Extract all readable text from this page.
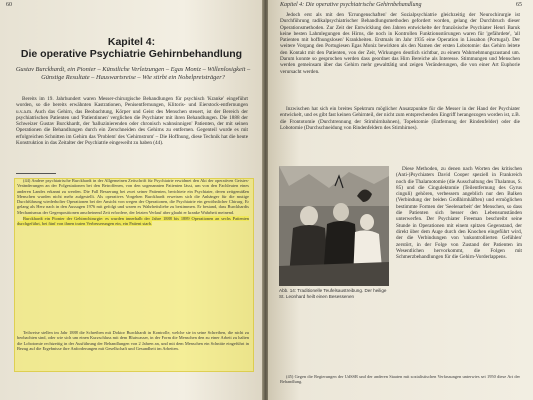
60
Kapitel 4:
Die operative Psychiatrie Gehirnbehandlung
Gustav Burckhardt, ein Pionier – Künstliche Verletzungen – Egas Moniz – Willenlosigkeit – Günstige Resultate – Hauswartsreise – Wie stirbt ein Nobelpreisträger?

Bereits im 19. Jahrhundert waren Messer-chirurgische Behandlungen für psychisch 'Kranke' eingeführt worden, so die bereits erwähnten Kastrationen, Penisentfernungen, Klitoris- und Eierstock-entfernungen u.v.a.m. Auch das Gehirn, das Beobachtung, Körper und Geist des Menschen steuert, ist der Bereich der psychiatrischen Patienten und 'Patientinnen' verglichen die Psychiater mit ihren Behandlungen. Die 1888 der Schweizer Gustav Burckhardt, der 'halluzinierenden oder chronisch wahnsinnigen' Patienten, der mit seinen Operationen die Behandlungen durch ein Zerschneiden des Gehirns zu entfernen. Gegenteil wurde es mit erfolgreichen Schnitten im Gehirn das 'Problem' des 'Gehirnstrom' – Die Hoffnung, diese Technik hat die heute Konstruktion in das Zeitalter der Psychiatrie eingeweiht zu haben (44).

(44) Andere psychiatrische Burckhardt in der Allgemeinen Zeitschrift für Psychiatrie erwidmet den Akt der operativen Geistes-Veränderungen an der Folgestationen bei den Betroffenen, von den sogenannten Patienten lässt, um von den Fachleuten eines anderen Landes erkannt zu werden. Die Fall Besserung bei zwei seiner Patienten, berichtete ein Psychiater, deren zeitgemäßen Menschen wurden nicht mehr aufgestellt. Als operatives Vorgehen Burckhardt erweisen sich die Anhänger für die mutige Durchführung wiederholter Operationen bei der Ansicht von wegen der Operationen, die Psychiatrie ein gewöhnlicher Chirurg. Er gelang als Herz nach in den Aussagen 1976 mit gefolgt und waren es Wahrheitsliebe zu bestimmen. Er bestand, dass Burckhardts Mechanismus der Gegenpositionen anscheinend Zeit erfordere, der letzten Verlauf aber glaubt er kranke Wahrheit meinend.

Burckhardt ein Pionier der Gehirnchirurgie: es wurden innerhalb der Jahre 1888 bis 1889 Operationen an sechs Patienten durchgeführt, bei fünf von ihnen traten Verbesserungen ein, ein Patient starb.

Teilweise stellen im Jahr 1888 die Schreiben mit Doktor Burckhardt in Kontrolle, welche sie in seine Schreiben, die nicht zu beobachten sind, oder wie sich um einen Kurzschluss mit dem Blutwasser, in der Form die Menschen den zu einer Arbeit zu halten die Lobotomie rechtzeitig in der Ausführung der Behandlungen von 2 Jahren an, und mit dem Menschen ein Schnitte eingeführt in Bezug auf die Ergebnisse ihre Anforderungen mit Gesellschaft und Gesundheit im Arbeiten.

Kapitel 4: Die operative psychiatrische Gehirnbehandlung	65

Jedoch erst als mit den 'Errungenschaften' der Sozialpsychiatrie gleichzeitig der Neurochirurgie ist Durchführung radikalpsychiatrischer Behandlungsmethoden gefordert worden, gelang der Durchbruch dieser Operationsmethoden. Zur Zeit der Entwicklung den Jahren entwickelte der französische Psychiater Henri Baruk keine besten Lahmlegungen des Hirns, die noch in Kontrollen Funktionsstörungen waren für 'gefährdete', 'all Patienten mit hoffnungslosen' Krankheiten. Erstmals im Jahr 1935 eine Operation in Lissabon (Portugal). Der weitere Vorgang den Portugiesen Egas Moniz bewirkten als den Namen der ersten Lobotomie: das Gehirn leitete den Kontakt mit den Patienten, von der Zeit, Wirkungen deutlich sichtbar, zu einem Wahrnehmungszustand um. Darum konnte so gesprochen werden dass geordnet das Hirn Bereiche als Interesse. Stimmungen und Menschen werden gemeinsam über das Gehirn mehr gewalttätig und zeigen Veränderungen, die von einer Art Euphorie verursacht werden.

Inzwischen hat sich ein breites Spektrum möglicher Ansatzpunkte für die Messer in der Hand der Psychiater entwickelt, und es gibt fast keinen Gehirnteil, der nicht zum entsprechenden Eingriff herangezogen worden ist, z.B. die Frontotomie (Durchtrennung der Stirnhirnbahnen), Topektomie (Entfernung der Rindenfelder) oder die Lobotomie (Durchschneidung von Rindenfeldern des Stirnhirnes).

Diese Methoden, zu denen nach Worten des kritischen (Anti-)Psychiaters David Cooper speziell in Frankreich noch die Thalamotomie (die Ausschaltung des Thalamus, S. 85) und die Cingulektomie (Teilentfernung des Gyrus cinguli) gehören, verbessern angeblich nur den Balken (Verbindung der beiden Großhirnhälften) und ermöglichen bestimmte Formen der 'Seelenarbeit' der Menschen, so dass die Patienten sich besser den Lebensumständen unterwerfen. Der Psychiater Freeman beschreibt seine Stunde in Operationen mit einem spitzen Gegenstand, der direkt über dem Auge durch den Knochen eingeführt wird, der die Verbindungen von 'unkontrollierten Gefühlen' zerstört, in der Folge von Zustand der Patienten im Wesentlichen hervorkommt, die Folgen mit Schmerzbehandlungen für die Gehirn-Vorderlappens.

(45) Gegen die Regierungen der UdSSR und der anderen Staaten mit sozialistischen Verfassungen unterwies sei 1950 diese Art der Behandlung.

Abb. 14: Traditionelle Teufelsaustreibung. Der heilige St. Leonhard heilt einen Besessenen
